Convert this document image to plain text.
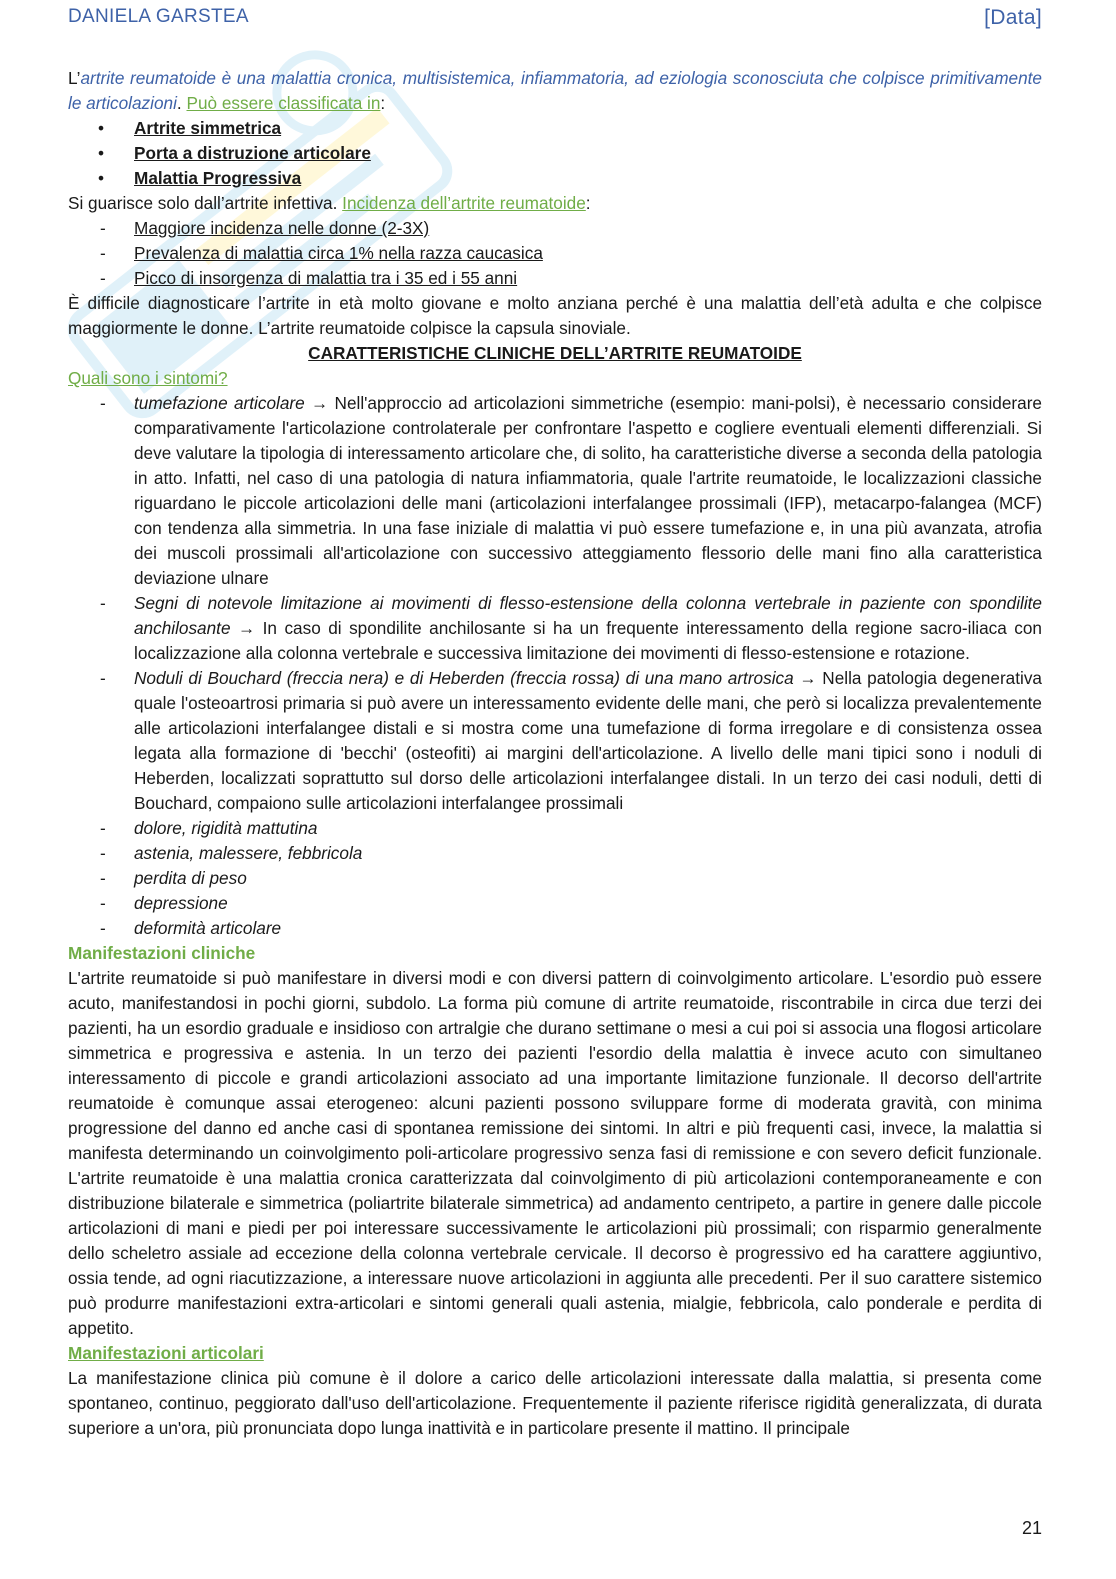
DANIELA GARSTEA	[Data]

L’artrite reumatoide è una malattia cronica, multisistemica, infiammatoria, ad eziologia sconosciuta che colpisce primitivamente le articolazioni. Può essere classificata in:

• Artrite simmetrica
• Porta a distruzione articolare
• Malattia Progressiva

Si guarisce solo dall’artrite infettiva. Incidenza dell’artrite reumatoide:

- Maggiore incidenza nelle donne (2-3X)
- Prevalenza di malattia circa 1% nella razza caucasica
- Picco di insorgenza di malattia tra i 35 ed i 55 anni

È difficile diagnosticare l’artrite in età molto giovane e molto anziana perché è una malattia dell’età adulta e che colpisce maggiormente le donne. L’artrite reumatoide colpisce la capsula sinoviale.

CARATTERISTICHE CLINICHE DELL’ARTRITE REUMATOIDE

Quali sono i sintomi?

- tumefazione articolare → Nell'approccio ad articolazioni simmetriche (esempio: mani-polsi), è necessario considerare comparativamente l'articolazione controlaterale per confrontare l'aspetto e cogliere eventuali elementi differenziali. Si deve valutare la tipologia di interessamento articolare che, di solito, ha caratteristiche diverse a seconda della patologia in atto. Infatti, nel caso di una patologia di natura infiammatoria, quale l'artrite reumatoide, le localizzazioni classiche riguardano le piccole articolazioni delle mani (articolazioni interfalangee prossimali (IFP), metacarpo-falangea (MCF) con tendenza alla simmetria. In una fase iniziale di malattia vi può essere tumefazione e, in una più avanzata, atrofia dei muscoli prossimali all'articolazione con successivo atteggiamento flessorio delle mani fino alla caratteristica deviazione ulnare
- Segni di notevole limitazione ai movimenti di flesso-estensione della colonna vertebrale in paziente con spondilite anchilosante → In caso di spondilite anchilosante si ha un frequente interessamento della regione sacro-iliaca con localizzazione alla colonna vertebrale e successiva limitazione dei movimenti di flesso-estensione e rotazione.
- Noduli di Bouchard (freccia nera) e di Heberden (freccia rossa) di una mano artrosica → Nella patologia degenerativa quale l'osteoartrosi primaria si può avere un interessamento evidente delle mani, che però si localizza prevalentemente alle articolazioni interfalangee distali e si mostra come una tumefazione di forma irregolare e di consistenza ossea legata alla formazione di 'becchi' (osteofiti) ai margini dell'articolazione. A livello delle mani tipici sono i noduli di Heberden, localizzati soprattutto sul dorso delle articolazioni interfalangee distali. In un terzo dei casi noduli, detti di Bouchard, compaiono sulle articolazioni interfalangee prossimali
- dolore, rigidità mattutina
- astenia, malessere, febbricola
- perdita di peso
- depressione
- deformità articolare

Manifestazioni cliniche

L'artrite reumatoide si può manifestare in diversi modi e con diversi pattern di coinvolgimento articolare. L'esordio può essere acuto, manifestandosi in pochi giorni, subdolo. La forma più comune di artrite reumatoide, riscontrabile in circa due terzi dei pazienti, ha un esordio graduale e insidioso con artralgie che durano settimane o mesi a cui poi si associa una flogosi articolare simmetrica e progressiva e astenia. In un terzo dei pazienti l'esordio della malattia è invece acuto con simultaneo interessamento di piccole e grandi articolazioni associato ad una importante limitazione funzionale. Il decorso dell'artrite reumatoide è comunque assai eterogeneo: alcuni pazienti possono sviluppare forme di moderata gravità, con minima progressione del danno ed anche casi di spontanea remissione dei sintomi. In altri e più frequenti casi, invece, la malattia si manifesta determinando un coinvolgimento poli-articolare progressivo senza fasi di remissione e con severo deficit funzionale. L'artrite reumatoide è una malattia cronica caratterizzata dal coinvolgimento di più articolazioni contemporaneamente e con distribuzione bilaterale e simmetrica (poliartrite bilaterale simmetrica) ad andamento centripeto, a partire in genere dalle piccole articolazioni di mani e piedi per poi interessare successivamente le articolazioni più prossimali; con risparmio generalmente dello scheletro assiale ad eccezione della colonna vertebrale cervicale. Il decorso è progressivo ed ha carattere aggiuntivo, ossia tende, ad ogni riacutizzazione, a interessare nuove articolazioni in aggiunta alle precedenti. Per il suo carattere sistemico può produrre manifestazioni extra-articolari e sintomi generali quali astenia, mialgie, febbricola, calo ponderale e perdita di appetito.

Manifestazioni articolari

La manifestazione clinica più comune è il dolore a carico delle articolazioni interessate dalla malattia, si presenta come spontaneo, continuo, peggiorato dall'uso dell'articolazione. Frequentemente il paziente riferisce rigidità generalizzata, di durata superiore a un'ora, più pronunciata dopo lunga inattività e in particolare presente il mattino. Il principale

21
